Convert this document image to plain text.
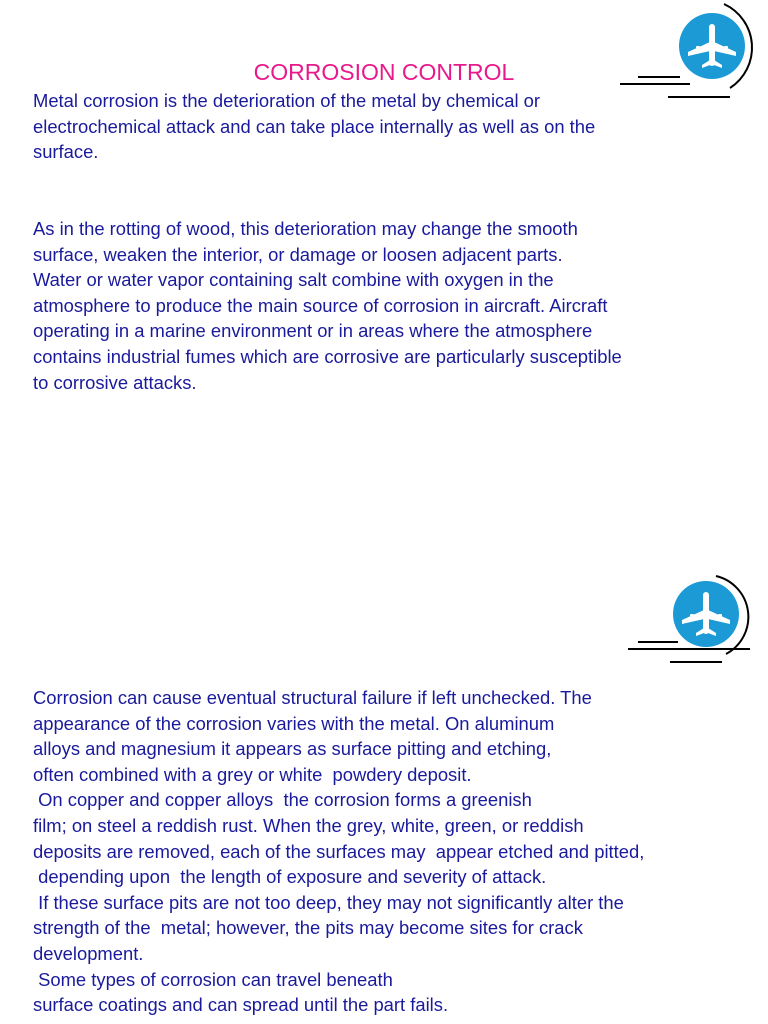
CORROSION CONTROL

Metal corrosion is the deterioration of the metal by chemical or
electrochemical attack and can take place internally as well as on the
surface.

As in the rotting of wood, this deterioration may change the smooth
surface, weaken the interior, or damage or loosen adjacent parts.
Water or water vapor containing salt combine with oxygen in the
atmosphere to produce the main source of corrosion in aircraft. Aircraft
operating in a marine environment or in areas where the atmosphere
contains industrial fumes which are corrosive are particularly susceptible
to corrosive attacks.

Corrosion can cause eventual structural failure if left unchecked. The
appearance of the corrosion varies with the metal. On aluminum
alloys and magnesium it appears as surface pitting and etching,
often combined with a grey or white  powdery deposit.
On copper and copper alloys  the corrosion forms a greenish
film; on steel a reddish rust. When the grey, white, green, or reddish
deposits are removed, each of the surfaces may  appear etched and pitted,
depending upon  the length of exposure and severity of attack.
If these surface pits are not too deep, they may not significantly alter the
strength of the  metal; however, the pits may become sites for crack
development.
Some types of corrosion can travel beneath
surface coatings and can spread until the part fails.
